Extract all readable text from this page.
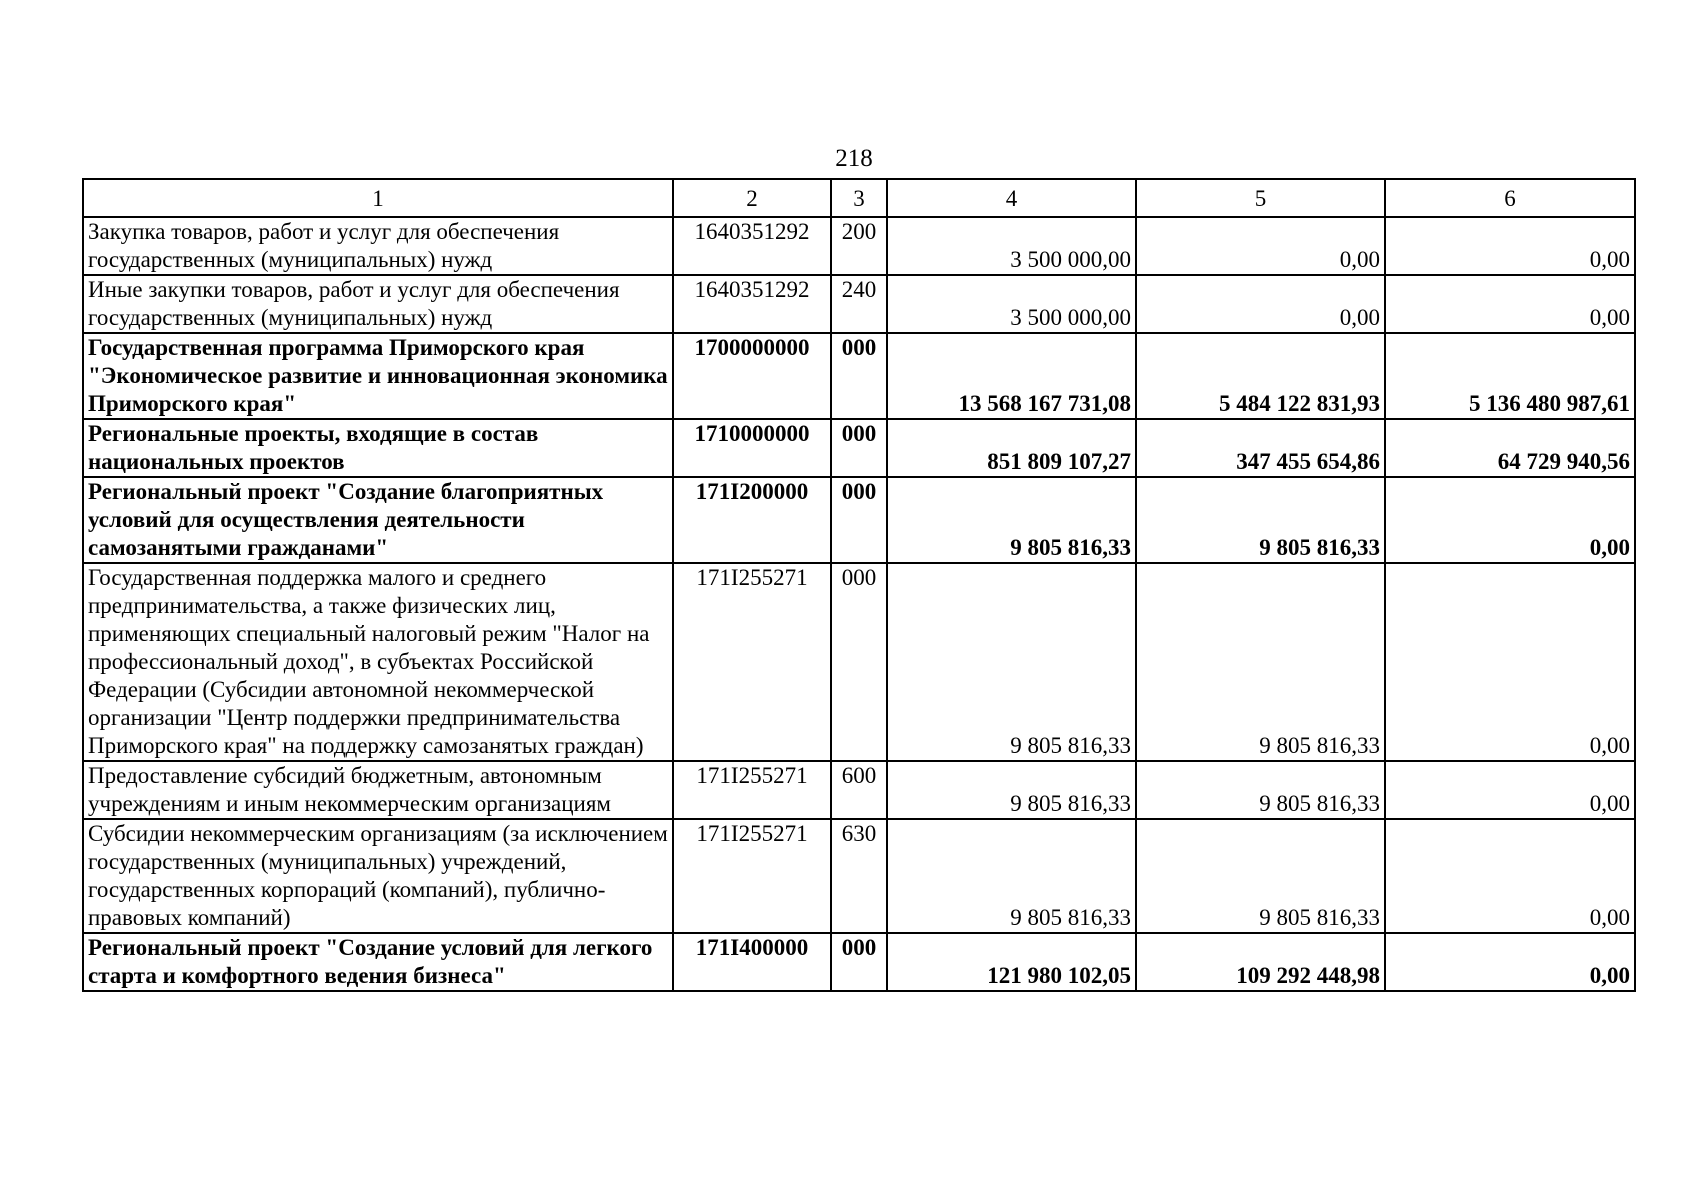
218
1	2	3	4	5	6
Закупка товаров, работ и услуг для обеспечения государственных (муниципальных) нужд	1640351292	200	3 500 000,00	0,00	0,00
Иные закупки товаров, работ и услуг для обеспечения государственных (муниципальных) нужд	1640351292	240	3 500 000,00	0,00	0,00
Государственная программа Приморского края "Экономическое развитие и инновационная экономика Приморского края"	1700000000	000	13 568 167 731,08	5 484 122 831,93	5 136 480 987,61
Региональные проекты, входящие в состав национальных проектов	1710000000	000	851 809 107,27	347 455 654,86	64 729 940,56
Региональный проект "Создание благоприятных условий для осуществления деятельности самозанятыми гражданами"	171I200000	000	9 805 816,33	9 805 816,33	0,00
Государственная поддержка малого и среднего предпринимательства, а также физических лиц, применяющих специальный налоговый режим "Налог на профессиональный доход", в субъектах Российской Федерации (Субсидии автономной некоммерческой организации "Центр поддержки предпринимательства Приморского края" на поддержку самозанятых граждан)	171I255271	000	9 805 816,33	9 805 816,33	0,00
Предоставление субсидий бюджетным, автономным учреждениям и иным некоммерческим организациям	171I255271	600	9 805 816,33	9 805 816,33	0,00
Субсидии некоммерческим организациям (за исключением государственных (муниципальных) учреждений, государственных корпораций (компаний), публично-правовых компаний)	171I255271	630	9 805 816,33	9 805 816,33	0,00
Региональный проект "Создание условий для легкого старта и комфортного ведения бизнеса"	171I400000	000	121 980 102,05	109 292 448,98	0,00
